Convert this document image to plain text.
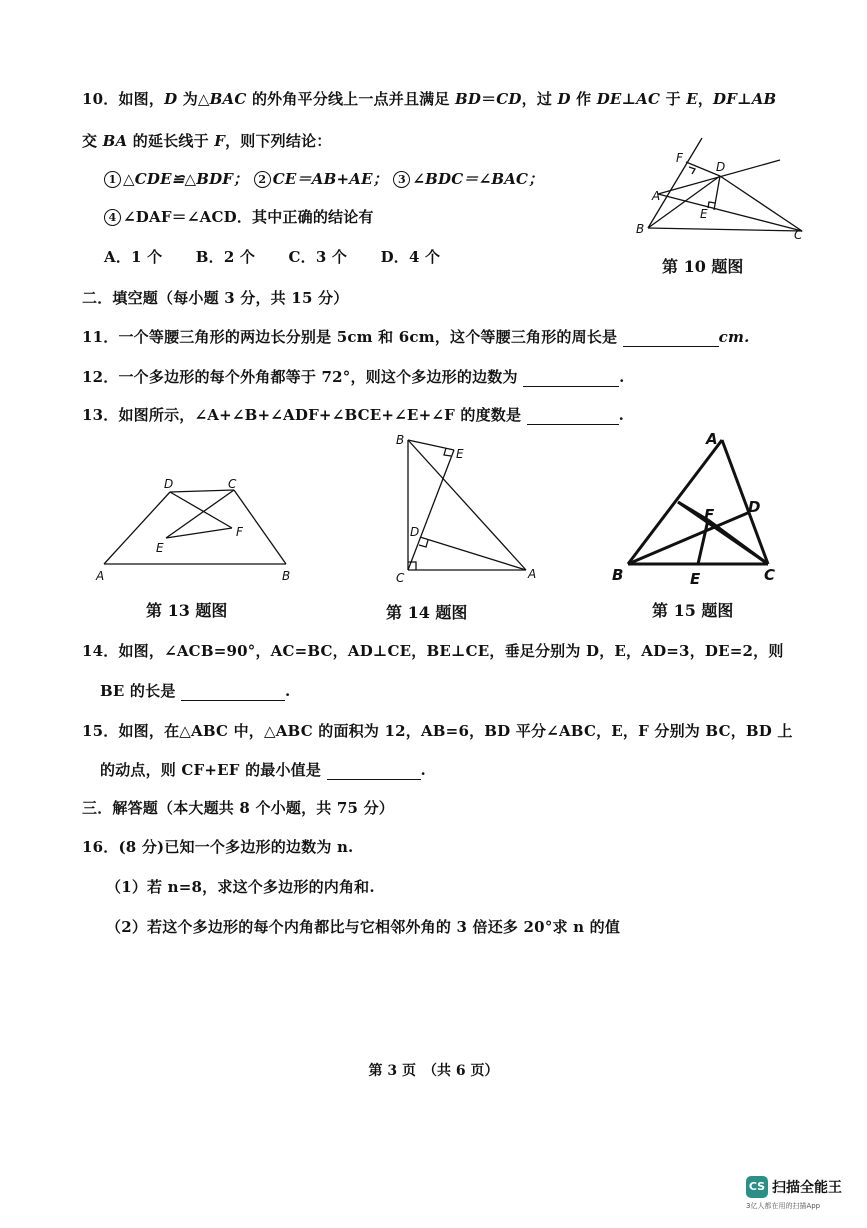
10．如图，D 为△BAC 的外角平分线上一点并且满足 BD＝CD，过 D 作 DE⊥AC 于 E，DF⊥AB
交 BA 的延长线于 F，则下列结论：
1 △CDE≌△BDF； 2 CE＝AB+AE； 3 ∠BDC＝∠BAC；
4 ∠DAF＝∠ACD．其中正确的结论有
A．1 个 B．2 个 C．3 个 D．4 个
F
D
A
E
B	C
第 10 题图
二．填空题（每小题 3 分，共 15 分）
11．一个等腰三角形的两边长分别是 5cm 和 6cm，这个等腰三角形的周长是	cm.
12．一个多边形的每个外角都等于 72°，则这个多边形的边数为	.
13．如图所示，∠A+∠B+∠ADF+∠BCE+∠E+∠F 的度数是	.
D	C
E
F
A	B
第 13 题图
B
E
D
C	A
第 14 题图
A
D
F
B	E	C
第 15 题图
14．如图，∠ACB=90°，AC=BC，AD⊥CE，BE⊥CE，垂足分别为 D，E，AD=3，DE=2，则
BE 的长是	.
15．如图，在△ABC 中，△ABC 的面积为 12，AB=6，BD 平分∠ABC，E，F 分别为 BC，BD 上
的动点，则 CF+EF 的最小值是	.
三．解答题（本大题共 8 个小题，共 75 分）
16．(8 分)已知一个多边形的边数为 n.
（1）若 n=8，求这个多边形的内角和.
（2）若这个多边形的每个内角都比与它相邻外角的 3 倍还多 20°求 n 的值
第 3 页　（共 6 页）
CS 扫描全能王
3亿人都在用的扫描App
